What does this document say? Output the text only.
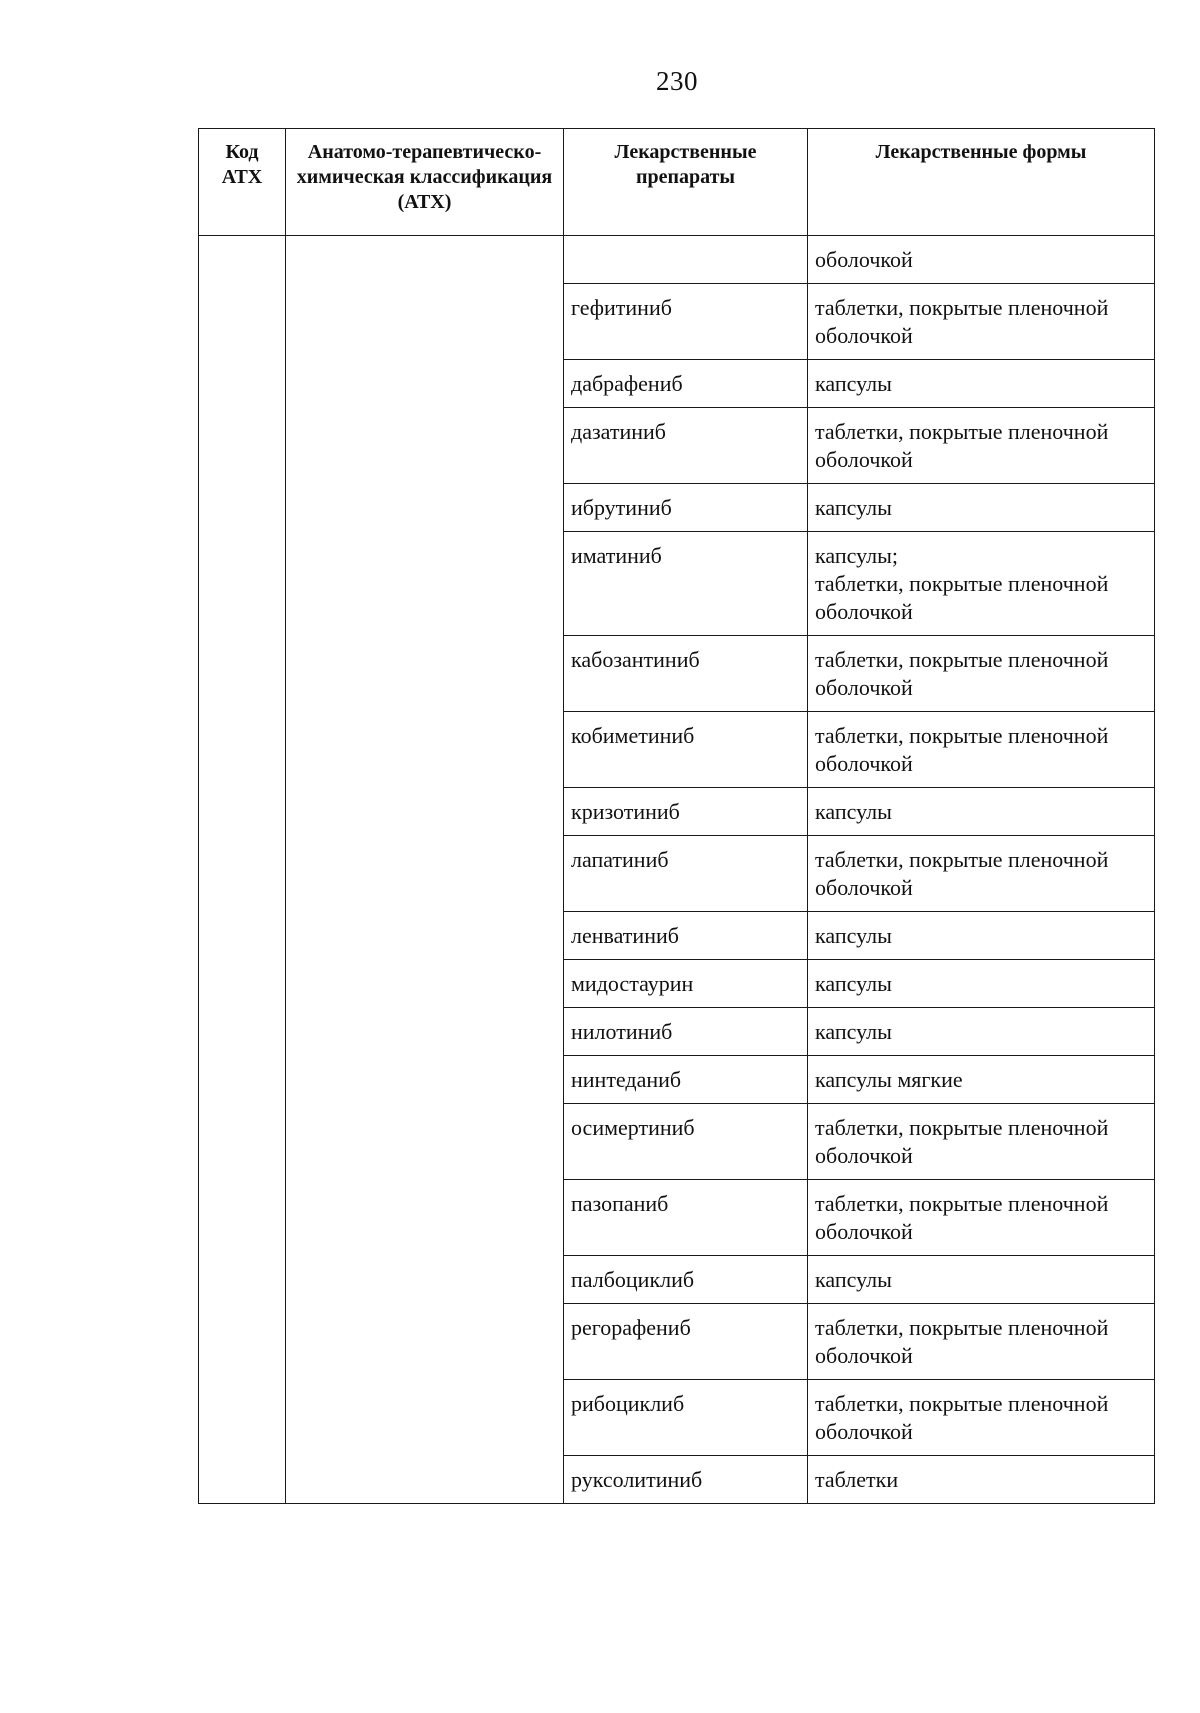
230
Код АТХ	Анатомо-терапевтическо-химическая классификация (АТХ)	Лекарственные препараты	Лекарственные формы

			оболочкой

		гефитиниб	таблетки, покрытые пленочной оболочкой

		дабрафениб	капсулы

		дазатиниб	таблетки, покрытые пленочной оболочкой

		ибрутиниб	капсулы

		иматиниб	капсулы;
таблетки, покрытые пленочной оболочкой

		кабозантиниб	таблетки, покрытые пленочной оболочкой

		кобиметиниб	таблетки, покрытые пленочной оболочкой

		кризотиниб	капсулы

		лапатиниб	таблетки, покрытые пленочной оболочкой

		ленватиниб	капсулы

		мидостаурин	капсулы

		нилотиниб	капсулы

		нинтеданиб	капсулы мягкие

		осимертиниб	таблетки, покрытые пленочной оболочкой

		пазопаниб	таблетки, покрытые пленочной оболочкой

		палбоциклиб	капсулы

		регорафениб	таблетки, покрытые пленочной оболочкой

		рибоциклиб	таблетки, покрытые пленочной оболочкой

		руксолитиниб	таблетки
